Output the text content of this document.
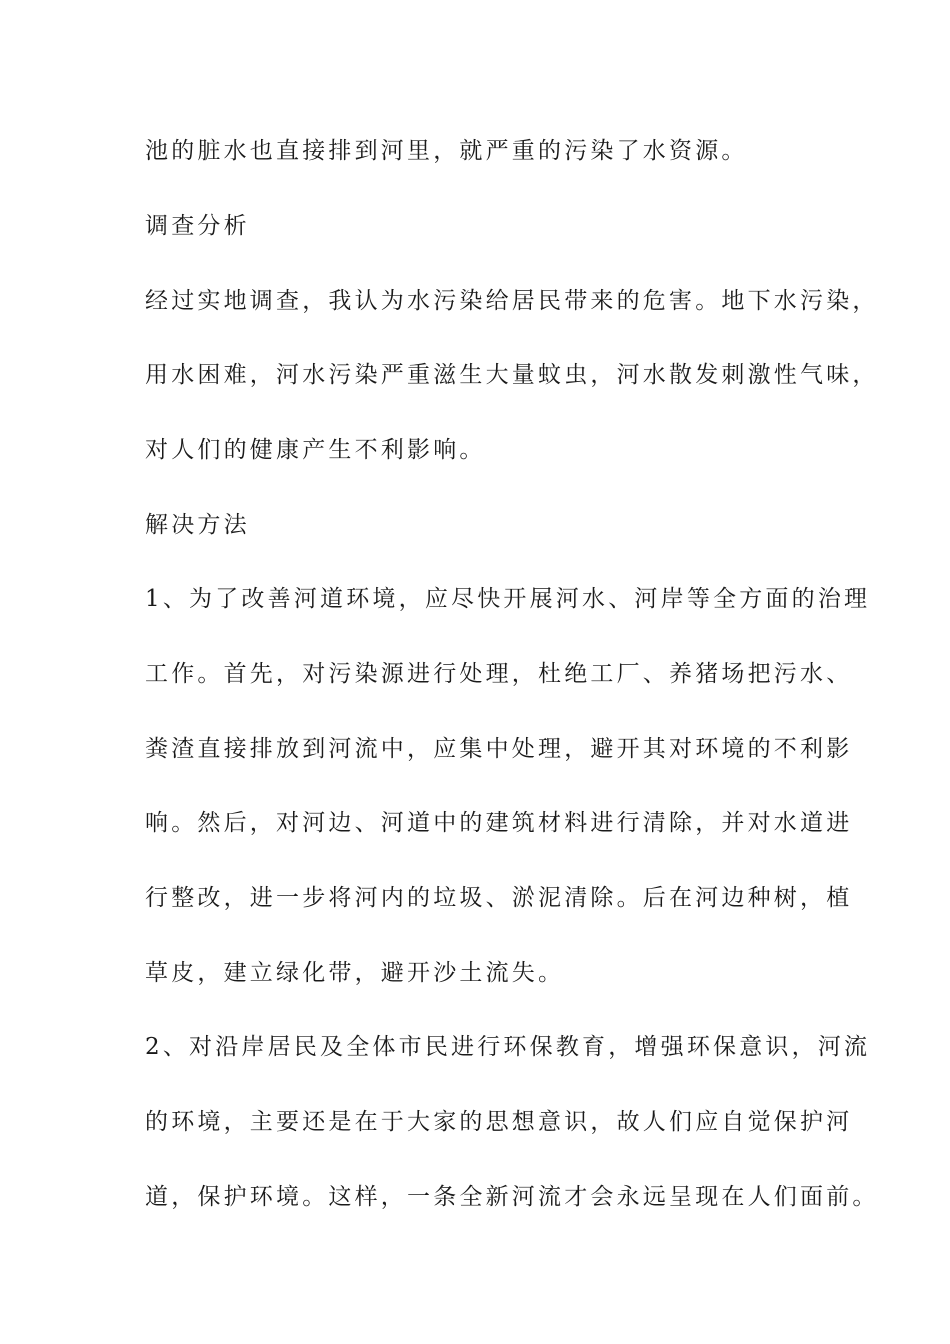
池的脏水也直接排到河里，就严重的污染了水资源。
调查分析
经过实地调查，我认为水污染给居民带来的危害。地下水污染，
用水困难，河水污染严重滋生大量蚊虫，河水散发刺激性气味，
对人们的健康产生不利影响。
解决方法
1、为了改善河道环境，应尽快开展河水、河岸等全方面的治理
工作。首先，对污染源进行处理，杜绝工厂、养猪场把污水、
粪渣直接排放到河流中，应集中处理，避开其对环境的不利影
响。然后，对河边、河道中的建筑材料进行清除，并对水道进
行整改，进一步将河内的垃圾、淤泥清除。后在河边种树，植
草皮，建立绿化带，避开沙土流失。
2、对沿岸居民及全体市民进行环保教育，增强环保意识，河流
的环境，主要还是在于大家的思想意识，故人们应自觉保护河
道，保护环境。这样，一条全新河流才会永远呈现在人们面前。
